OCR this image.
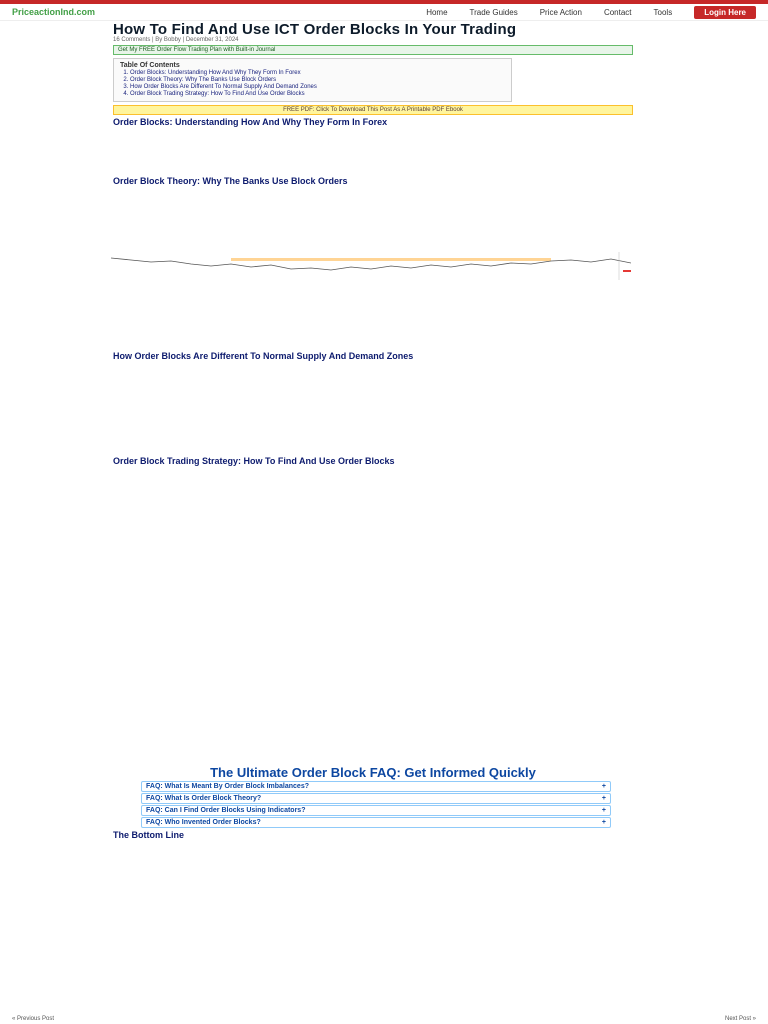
PriceactionInd.com	Home	Trade Guides	Price Action	Contact	Tools	Login Here
How To Find And Use ICT Order Blocks In Your Trading
16 Comments | By Bobby | December 31, 2024
Get My FREE Order Flow Trading Plan with Built-in Journal
Table Of Contents
1. Order Blocks: Understanding How And Why They Form In Forex
2. Order Block Theory: Why The Banks Use Block Orders
3. How Order Blocks Are Different To Normal Supply And Demand Zones
4. Order Block Trading Strategy: How To Find And Use Order Blocks
FREE PDF: Click To Download This Post As A Printable PDF Ebook
Order Blocks: Understanding How And Why They Form In Forex
Order Block Theory: Why The Banks Use Block Orders
How Order Blocks Are Different To Normal Supply And Demand Zones
Order Block Trading Strategy: How To Find And Use Order Blocks
The Ultimate Order Block FAQ: Get Informed Quickly
FAQ: What Is Meant By Order Block Imbalances?	+
FAQ: What Is Order Block Theory?	+
FAQ: Can I Find Order Blocks Using Indicators?	+
FAQ: Who Invented Order Blocks?	+
The Bottom Line
« Previous Post	Next Post »
